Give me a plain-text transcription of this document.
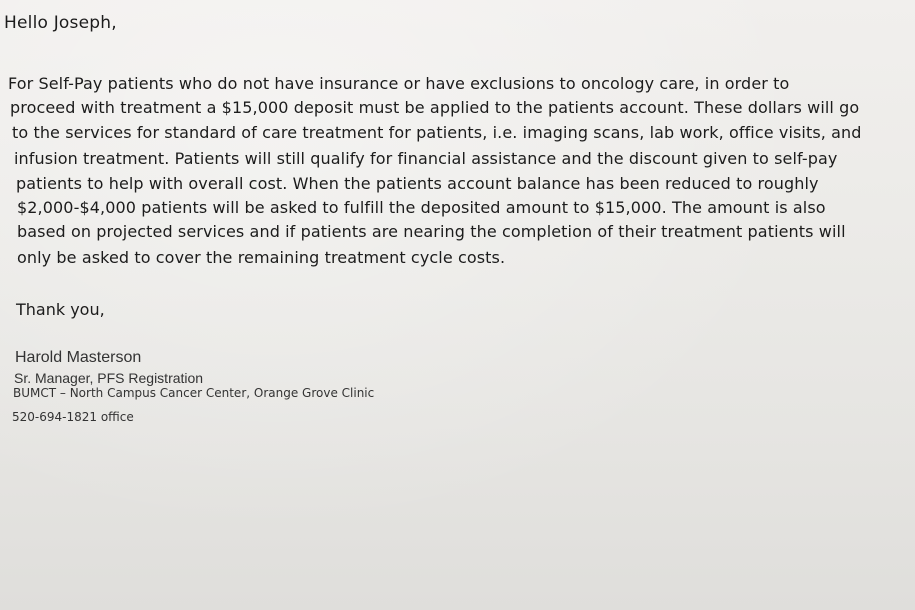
Hello Joseph,
For Self-Pay patients who do not have insurance or have exclusions to oncology care, in order to
proceed with treatment a $15,000 deposit must be applied to the patients account. These dollars will go
to the services for standard of care treatment for patients, i.e. imaging scans, lab work, office visits, and
infusion treatment. Patients will still qualify for financial assistance and the discount given to self-pay
patients to help with overall cost. When the patients account balance has been reduced to roughly
$2,000-$4,000 patients will be asked to fulfill the deposited amount to $15,000. The amount is also
based on projected services and if patients are nearing the completion of their treatment patients will
only be asked to cover the remaining treatment cycle costs.
Thank you,
Harold Masterson
Sr. Manager, PFS Registration
BUMCT – North Campus Cancer Center, Orange Grove Clinic
520-694-1821 office
